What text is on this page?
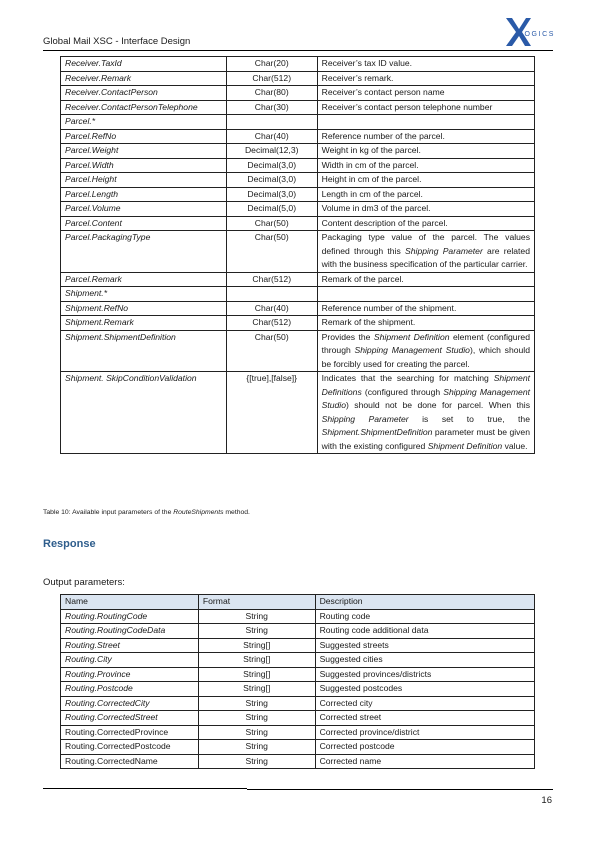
Global Mail XSC - Interface Design
LOGICS
Receiver.TaxId	Char(20)	Receiver’s tax ID value.
Receiver.Remark	Char(512)	Receiver’s remark.
Receiver.ContactPerson	Char(80)	Receiver’s contact person name
Receiver.ContactPersonTelephone	Char(30)	Receiver’s contact person telephone number
Parcel.*		
Parcel.RefNo	Char(40)	Reference number of the parcel.
Parcel.Weight	Decimal(12,3)	Weight in kg of the parcel.
Parcel.Width	Decimal(3,0)	Width in cm of the parcel.
Parcel.Height	Decimal(3,0)	Height in cm of the parcel.
Parcel.Length	Decimal(3,0)	Length in cm of the parcel.
Parcel.Volume	Decimal(5,0)	Volume in dm3 of the parcel.
Parcel.Content	Char(50)	Content description of the parcel.
Parcel.PackagingType	Char(50)	Packaging type value of the parcel. The values defined through this Shipping Parameter are related with the business specification of the particular carrier.
Parcel.Remark	Char(512)	Remark of the parcel.
Shipment.*		
Shipment.RefNo	Char(40)	Reference number of the shipment.
Shipment.Remark	Char(512)	Remark of the shipment.
Shipment.ShipmentDefinition	Char(50)	Provides the Shipment Definition element (configured through Shipping Management Studio), which should be forcibly used for creating the parcel.
Shipment. SkipConditionValidation	{[true],[false]}	Indicates that the searching for matching Shipment Definitions (configured through Shipping Management Studio) should not be done for parcel. When this Shipping Parameter is set to true, the Shipment.ShipmentDefinition parameter must be given with the existing configured Shipment Definition value.
Table 10: Available input parameters of the RouteShipments method.
Response
Output parameters:
Name	Format	Description
Routing.RoutingCode	String	Routing code
Routing.RoutingCodeData	String	Routing code additional data
Routing.Street	String[]	Suggested streets
Routing.City	String[]	Suggested cities
Routing.Province	String[]	Suggested provinces/districts
Routing.Postcode	String[]	Suggested postcodes
Routing.CorrectedCity	String	Corrected city
Routing.CorrectedStreet	String	Corrected street
Routing.CorrectedProvince	String	Corrected province/district
Routing.CorrectedPostcode	String	Corrected postcode
Routing.CorrectedName	String	Corrected name
16
